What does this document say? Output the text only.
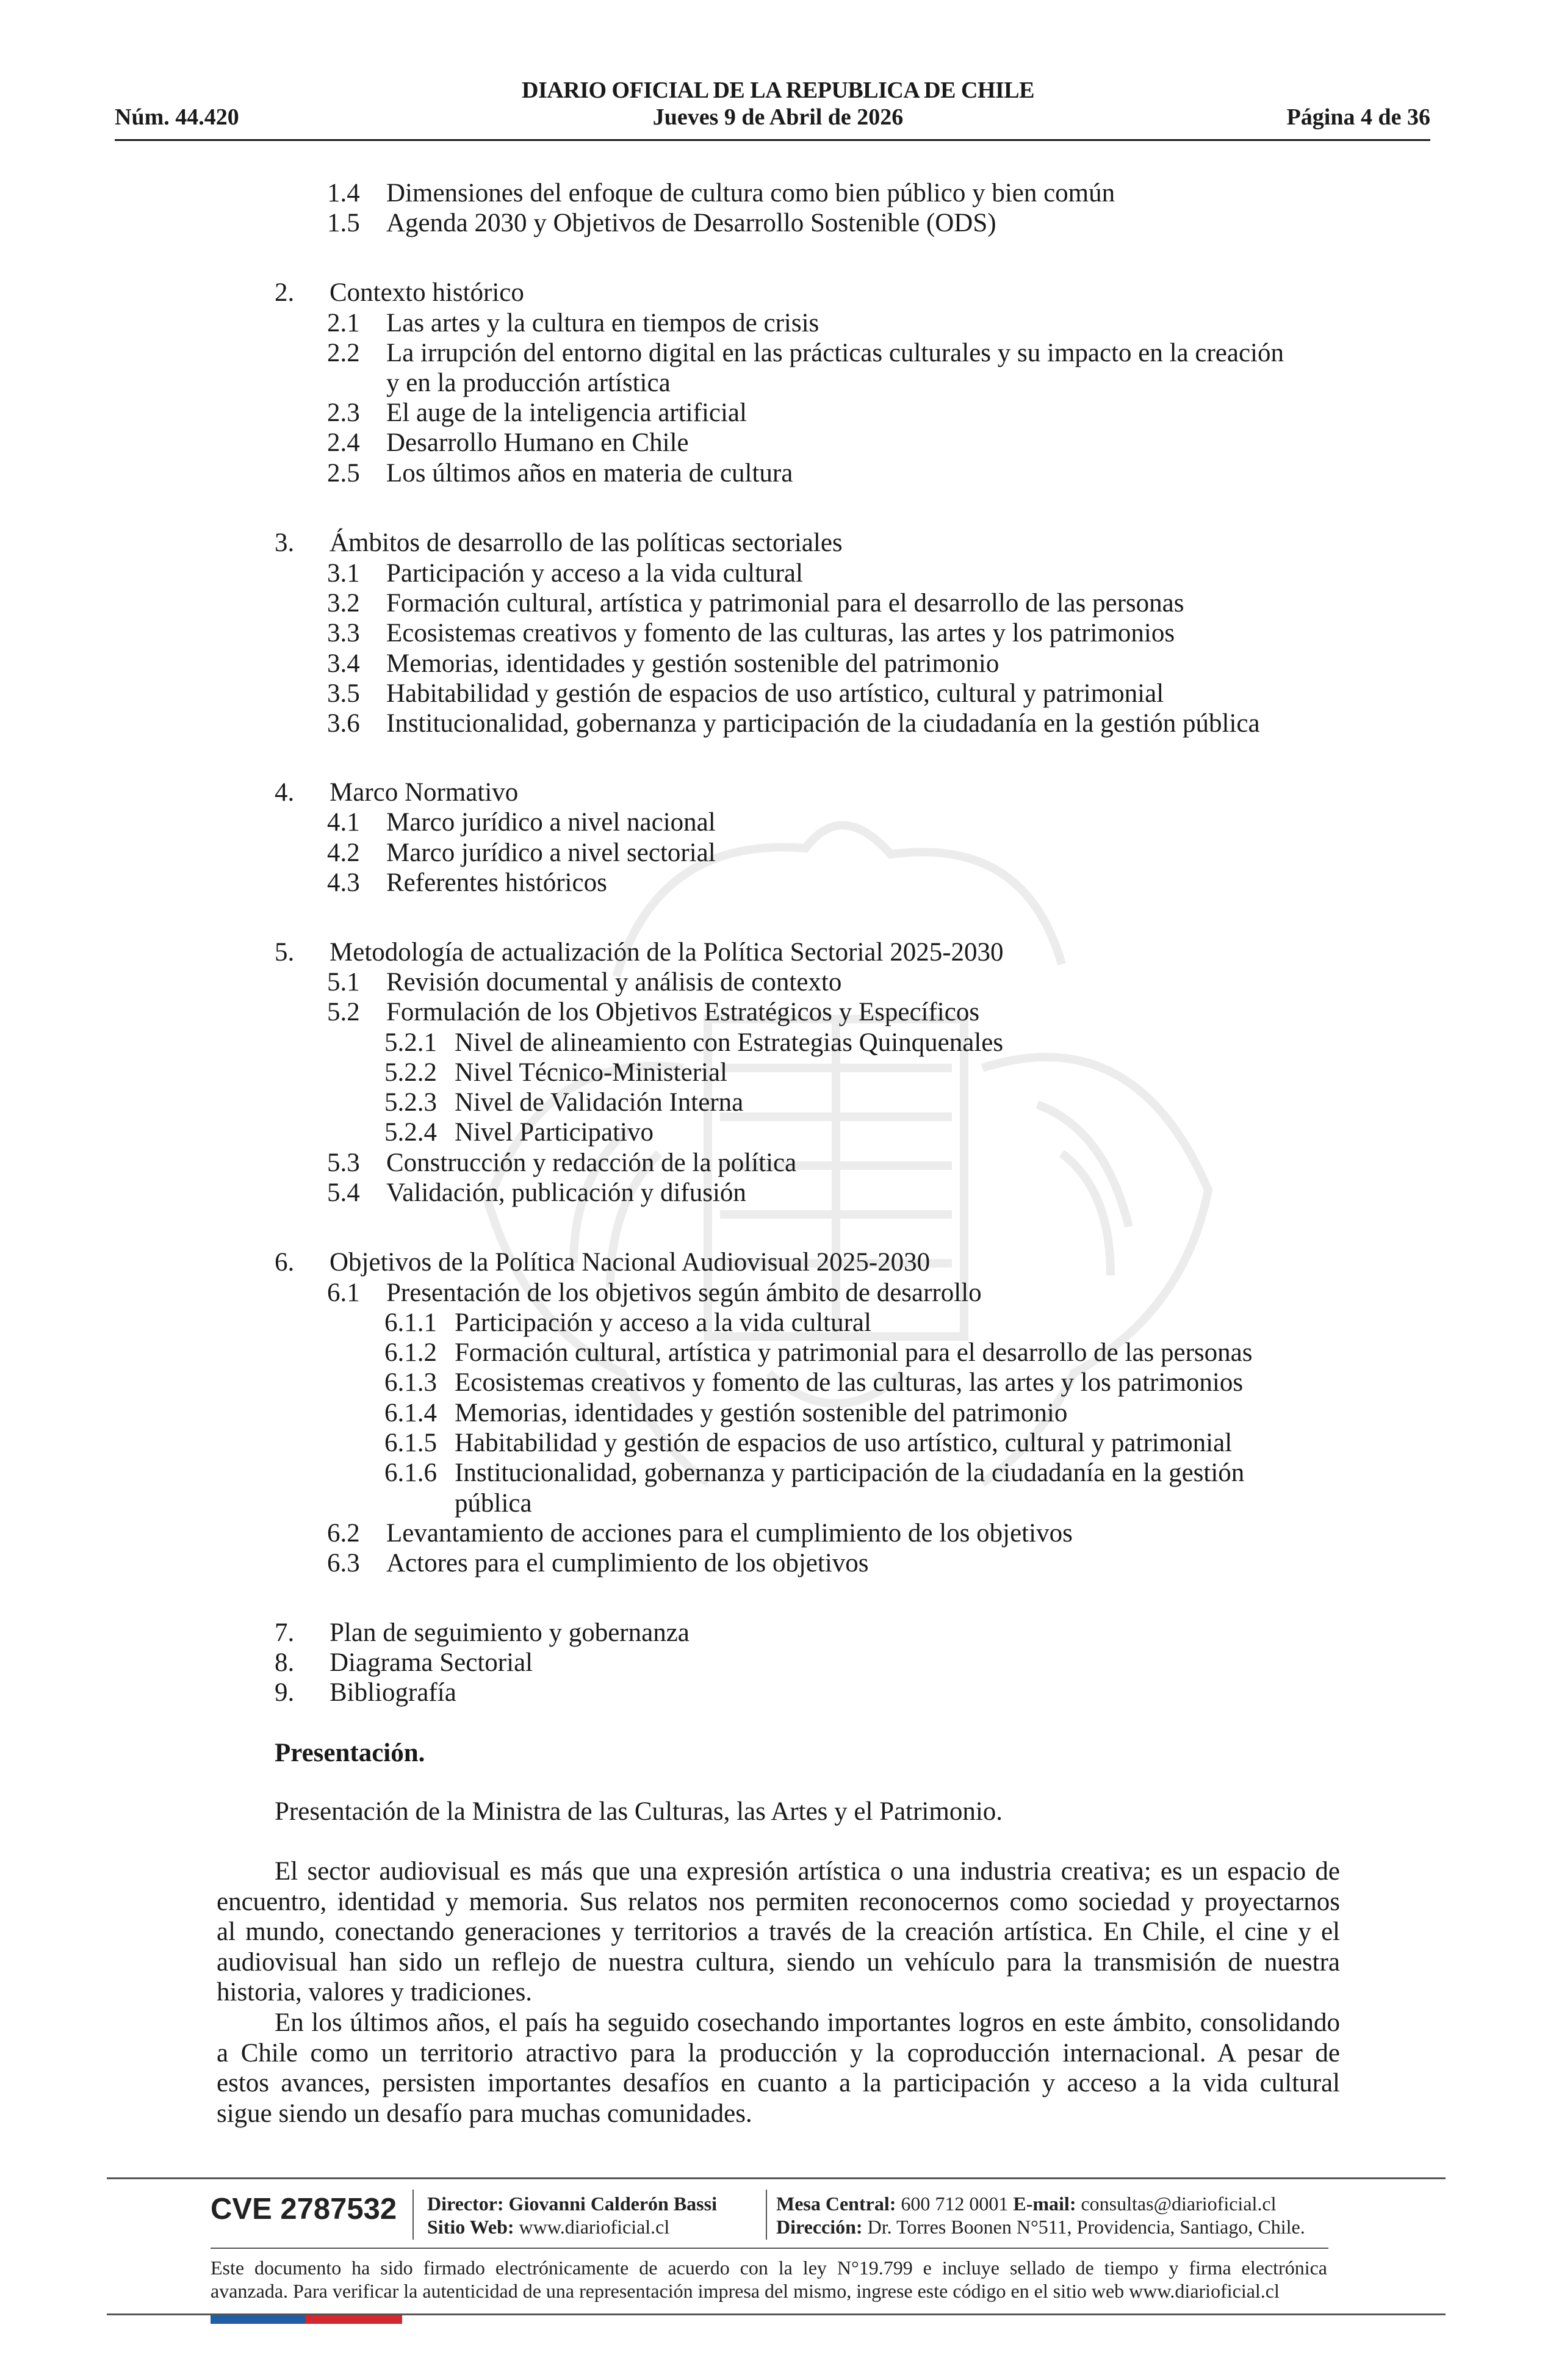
DIARIO OFICIAL DE LA REPUBLICA DE CHILE
Núm. 44.420	Jueves 9 de Abril de 2026	Página 4 de 36
1.4 Dimensiones del enfoque de cultura como bien público y bien común
1.5 Agenda 2030 y Objetivos de Desarrollo Sostenible (ODS)
2. Contexto histórico
2.1 Las artes y la cultura en tiempos de crisis
2.2 La irrupción del entorno digital en las prácticas culturales y su impacto en la creación
y en la producción artística
2.3 El auge de la inteligencia artificial
2.4 Desarrollo Humano en Chile
2.5 Los últimos años en materia de cultura
3. Ámbitos de desarrollo de las políticas sectoriales
3.1 Participación y acceso a la vida cultural
3.2 Formación cultural, artística y patrimonial para el desarrollo de las personas
3.3 Ecosistemas creativos y fomento de las culturas, las artes y los patrimonios
3.4 Memorias, identidades y gestión sostenible del patrimonio
3.5 Habitabilidad y gestión de espacios de uso artístico, cultural y patrimonial
3.6 Institucionalidad, gobernanza y participación de la ciudadanía en la gestión pública
4. Marco Normativo
4.1 Marco jurídico a nivel nacional
4.2 Marco jurídico a nivel sectorial
4.3 Referentes históricos
5. Metodología de actualización de la Política Sectorial 2025-2030
5.1 Revisión documental y análisis de contexto
5.2 Formulación de los Objetivos Estratégicos y Específicos
5.2.1 Nivel de alineamiento con Estrategias Quinquenales
5.2.2 Nivel Técnico-Ministerial
5.2.3 Nivel de Validación Interna
5.2.4 Nivel Participativo
5.3 Construcción y redacción de la política
5.4 Validación, publicación y difusión
6. Objetivos de la Política Nacional Audiovisual 2025-2030
6.1 Presentación de los objetivos según ámbito de desarrollo
6.1.1 Participación y acceso a la vida cultural
6.1.2 Formación cultural, artística y patrimonial para el desarrollo de las personas
6.1.3 Ecosistemas creativos y fomento de las culturas, las artes y los patrimonios
6.1.4 Memorias, identidades y gestión sostenible del patrimonio
6.1.5 Habitabilidad y gestión de espacios de uso artístico, cultural y patrimonial
6.1.6 Institucionalidad, gobernanza y participación de la ciudadanía en la gestión
pública
6.2 Levantamiento de acciones para el cumplimiento de los objetivos
6.3 Actores para el cumplimiento de los objetivos
7. Plan de seguimiento y gobernanza
8. Diagrama Sectorial
9. Bibliografía
Presentación.
Presentación de la Ministra de las Culturas, las Artes y el Patrimonio.
El sector audiovisual es más que una expresión artística o una industria creativa; es un espacio de
encuentro, identidad y memoria. Sus relatos nos permiten reconocernos como sociedad y proyectarnos
al mundo, conectando generaciones y territorios a través de la creación artística. En Chile, el cine y el
audiovisual han sido un reflejo de nuestra cultura, siendo un vehículo para la transmisión de nuestra
historia, valores y tradiciones.
En los últimos años, el país ha seguido cosechando importantes logros en este ámbito, consolidando
a Chile como un territorio atractivo para la producción y la coproducción internacional. A pesar de
estos avances, persisten importantes desafíos en cuanto a la participación y acceso a la vida cultural
sigue siendo un desafío para muchas comunidades.
CVE 2787532 Director: Giovanni Calderón Bassi
Sitio Web: www.diarioficial.cl
Mesa Central: 600 712 0001 E-mail: consultas@diarioficial.cl
Dirección: Dr. Torres Boonen N°511, Providencia, Santiago, Chile.
Este documento ha sido firmado electrónicamente de acuerdo con la ley N°19.799 e incluye sellado de tiempo y firma electrónica
avanzada. Para verificar la autenticidad de una representación impresa del mismo, ingrese este código en el sitio web www.diarioficial.cl
